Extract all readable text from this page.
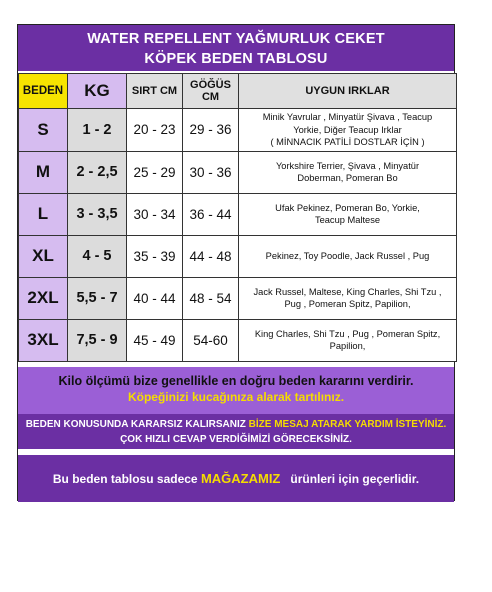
WATER REPELLENT YAĞMURLUK CEKET
KÖPEK BEDEN TABLOSU
BEDEN	KG	SIRT CM	GÖĞÜS CM	UYGUN IRKLAR
S	1 - 2	20 - 23	29 - 36	Minik Yavrular , Minyatür Şivava , Teacup
Yorkie, Diğer Teacup Irklar
( MİNNACIK PATİLİ DOSTLAR İÇİN )

M	2 - 2,5	25 - 29	30 - 36	Yorkshire Terrier, Şivava , Minyatür
Doberman, Pomeran Bo

L	3 - 3,5	30 - 34	36 - 44	Ufak Pekinez, Pomeran Bo, Yorkie,
Teacup Maltese

XL	4 - 5	35 - 39	44 - 48	Pekinez, Toy Poodle, Jack Russel , Pug

2XL	5,5 - 7	40 - 44	48 - 54	Jack Russel, Maltese, King Charles, Shi Tzu ,
Pug , Pomeran Spitz, Papilion,

3XL	7,5 - 9	45 - 49	54-60	King Charles, Shi Tzu , Pug , Pomeran Spitz,
Papilion,
Kilo ölçümü bize genellikle en doğru beden kararını verdirir.
Köpeğinizi kucağınıza alarak tartılınız.
BEDEN KONUSUNDA KARARSIZ KALIRSANIZ BİZE MESAJ ATARAK YARDIM İSTEYİNİZ.
ÇOK HIZLI CEVAP VERDİĞİMİZİ GÖRECEKSİNİZ.
Bu beden tablosu sadece MAĞAZAMIZ   ürünleri için geçerlidir.
